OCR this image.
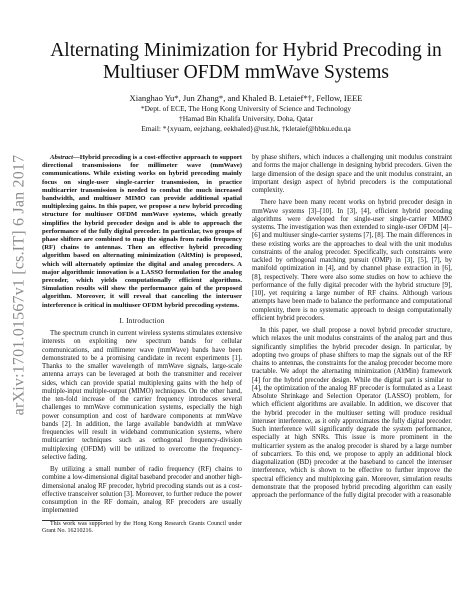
arXiv:1701.01567v1 [cs.IT] 6 Jan 2017
Alternating Minimization for Hybrid Precoding in
Multiuser OFDM mmWave Systems
Xianghao Yu*, Jun Zhang*, and Khaled B. Letaief*†, Fellow, IEEE
*Dept. of ECE, The Hong Kong University of Science and Technology
†Hamad Bin Khalifa University, Doha, Qatar
Email: *{xyuam, eejzhang, eekhaled}@ust.hk, †kletaief@hbku.edu.qa

Abstract—Hybrid precoding is a cost-effective approach to support directional transmissions for millimeter wave (mmWave) communications. While existing works on hybrid precoding mainly focus on single-user single-carrier transmission, in practice multicarrier transmission is needed to combat the much increased bandwidth, and multiuser MIMO can provide additional spatial multiplexing gains. In this paper, we propose a new hybrid precoding structure for multiuser OFDM mmWave systems, which greatly simplifies the hybrid precoder design and is able to approach the performance of the fully digital precoder. In particular, two groups of phase shifters are combined to map the signals from radio frequency (RF) chains to antennas. Then an effective hybrid precoding algorithm based on alternating minimization (AltMin) is proposed, which will alternately optimize the digital and analog precoders. A major algorithmic innovation is a LASSO formulation for the analog precoder, which yields computationally efficient algorithms. Simulation results will show the performance gain of the proposed algorithm. Moreover, it will reveal that canceling the interuser interference is critical in multiuser OFDM hybrid precoding systems.

I. Introduction

The spectrum crunch in current wireless systems stimulates extensive interests on exploiting new spectrum bands for cellular communications, and millimeter wave (mmWave) bands have been demonstrated to be a promising candidate in recent experiments [1]. Thanks to the smaller wavelength of mmWave signals, large-scale antenna arrays can be leveraged at both the transmitter and receiver sides, which can provide spatial multiplexing gains with the help of multiple-input multiple-output (MIMO) techniques. On the other hand, the ten-fold increase of the carrier frequency introduces several challenges to mmWave communication systems, especially the high power consumption and cost of hardware components at mmWave bands [2]. In addition, the large available bandwidth at mmWave frequencies will result in wideband communication systems, where multicarrier techniques such as orthogonal frequency-division multiplexing (OFDM) will be utilized to overcome the frequency-selective fading.

By utilizing a small number of radio frequency (RF) chains to combine a low-dimensional digital baseband precoder and another high-dimensional analog RF precoder, hybrid precoding stands out as a cost-effective transceiver solution [3]. Moreover, to further reduce the power consumption in the RF domain, analog RF precoders are usually implemented

This work was supported by the Hong Kong Research Grants Council under Grant No. 16210216.

by phase shifters, which induces a challenging unit modulus constraint and forms the major challenge in designing hybrid precoders. Given the large dimension of the design space and the unit modulus constraint, an important design aspect of hybrid precoders is the computational complexity.

There have been many recent works on hybrid precoder design in mmWave systems [3]–[10]. In [3], [4], efficient hybrid precoding algorithms were developed for single-user single-carrier MIMO systems. The investigation was then extended to single-user OFDM [4]–[6] and multiuser single-carrier systems [7], [8]. The main differences in these existing works are the approaches to deal with the unit modulus constraints of the analog precoder. Specifically, such constraints were tackled by orthogonal matching pursuit (OMP) in [3], [5], [7], by manifold optimization in [4], and by channel phase extraction in [6], [8], respectively. There were also some studies on how to achieve the performance of the fully digital precoder with the hybrid structure [9], [10], yet requiring a large number of RF chains. Although various attempts have been made to balance the performance and computational complexity, there is no systematic approach to design computationally efficient hybrid precoders.

In this paper, we shall propose a novel hybrid precoder structure, which relaxes the unit modulus constraints of the analog part and thus significantly simplifies the hybrid precoder design. In particular, by adopting two groups of phase shifters to map the signals out of the RF chains to antennas, the constraints for the analog precoder become more tractable. We adopt the alternating minimization (AltMin) framework [4] for the hybrid precoder design. While the digital part is similar to [4], the optimization of the analog RF precoder is formulated as a Least Absolute Shrinkage and Selection Operator (LASSO) problem, for which efficient algorithms are available. In addition, we discover that the hybrid precoder in the multiuser setting will produce residual interuser interference, as it only approximates the fully digital precoder. Such interference will significantly degrade the system performance, especially at high SNRs. This issue is more prominent in the multicarrier system as the analog precoder is shared by a large number of subcarriers. To this end, we propose to apply an additional block diagonalization (BD) precoder at the baseband to cancel the interuser interference, which is shown to be effective to further improve the spectral efficiency and multiplexing gain. Moreover, simulation results demonstrate that the proposed hybrid precoding algorithm can easily approach the performance of the fully digital precoder with a reasonable
